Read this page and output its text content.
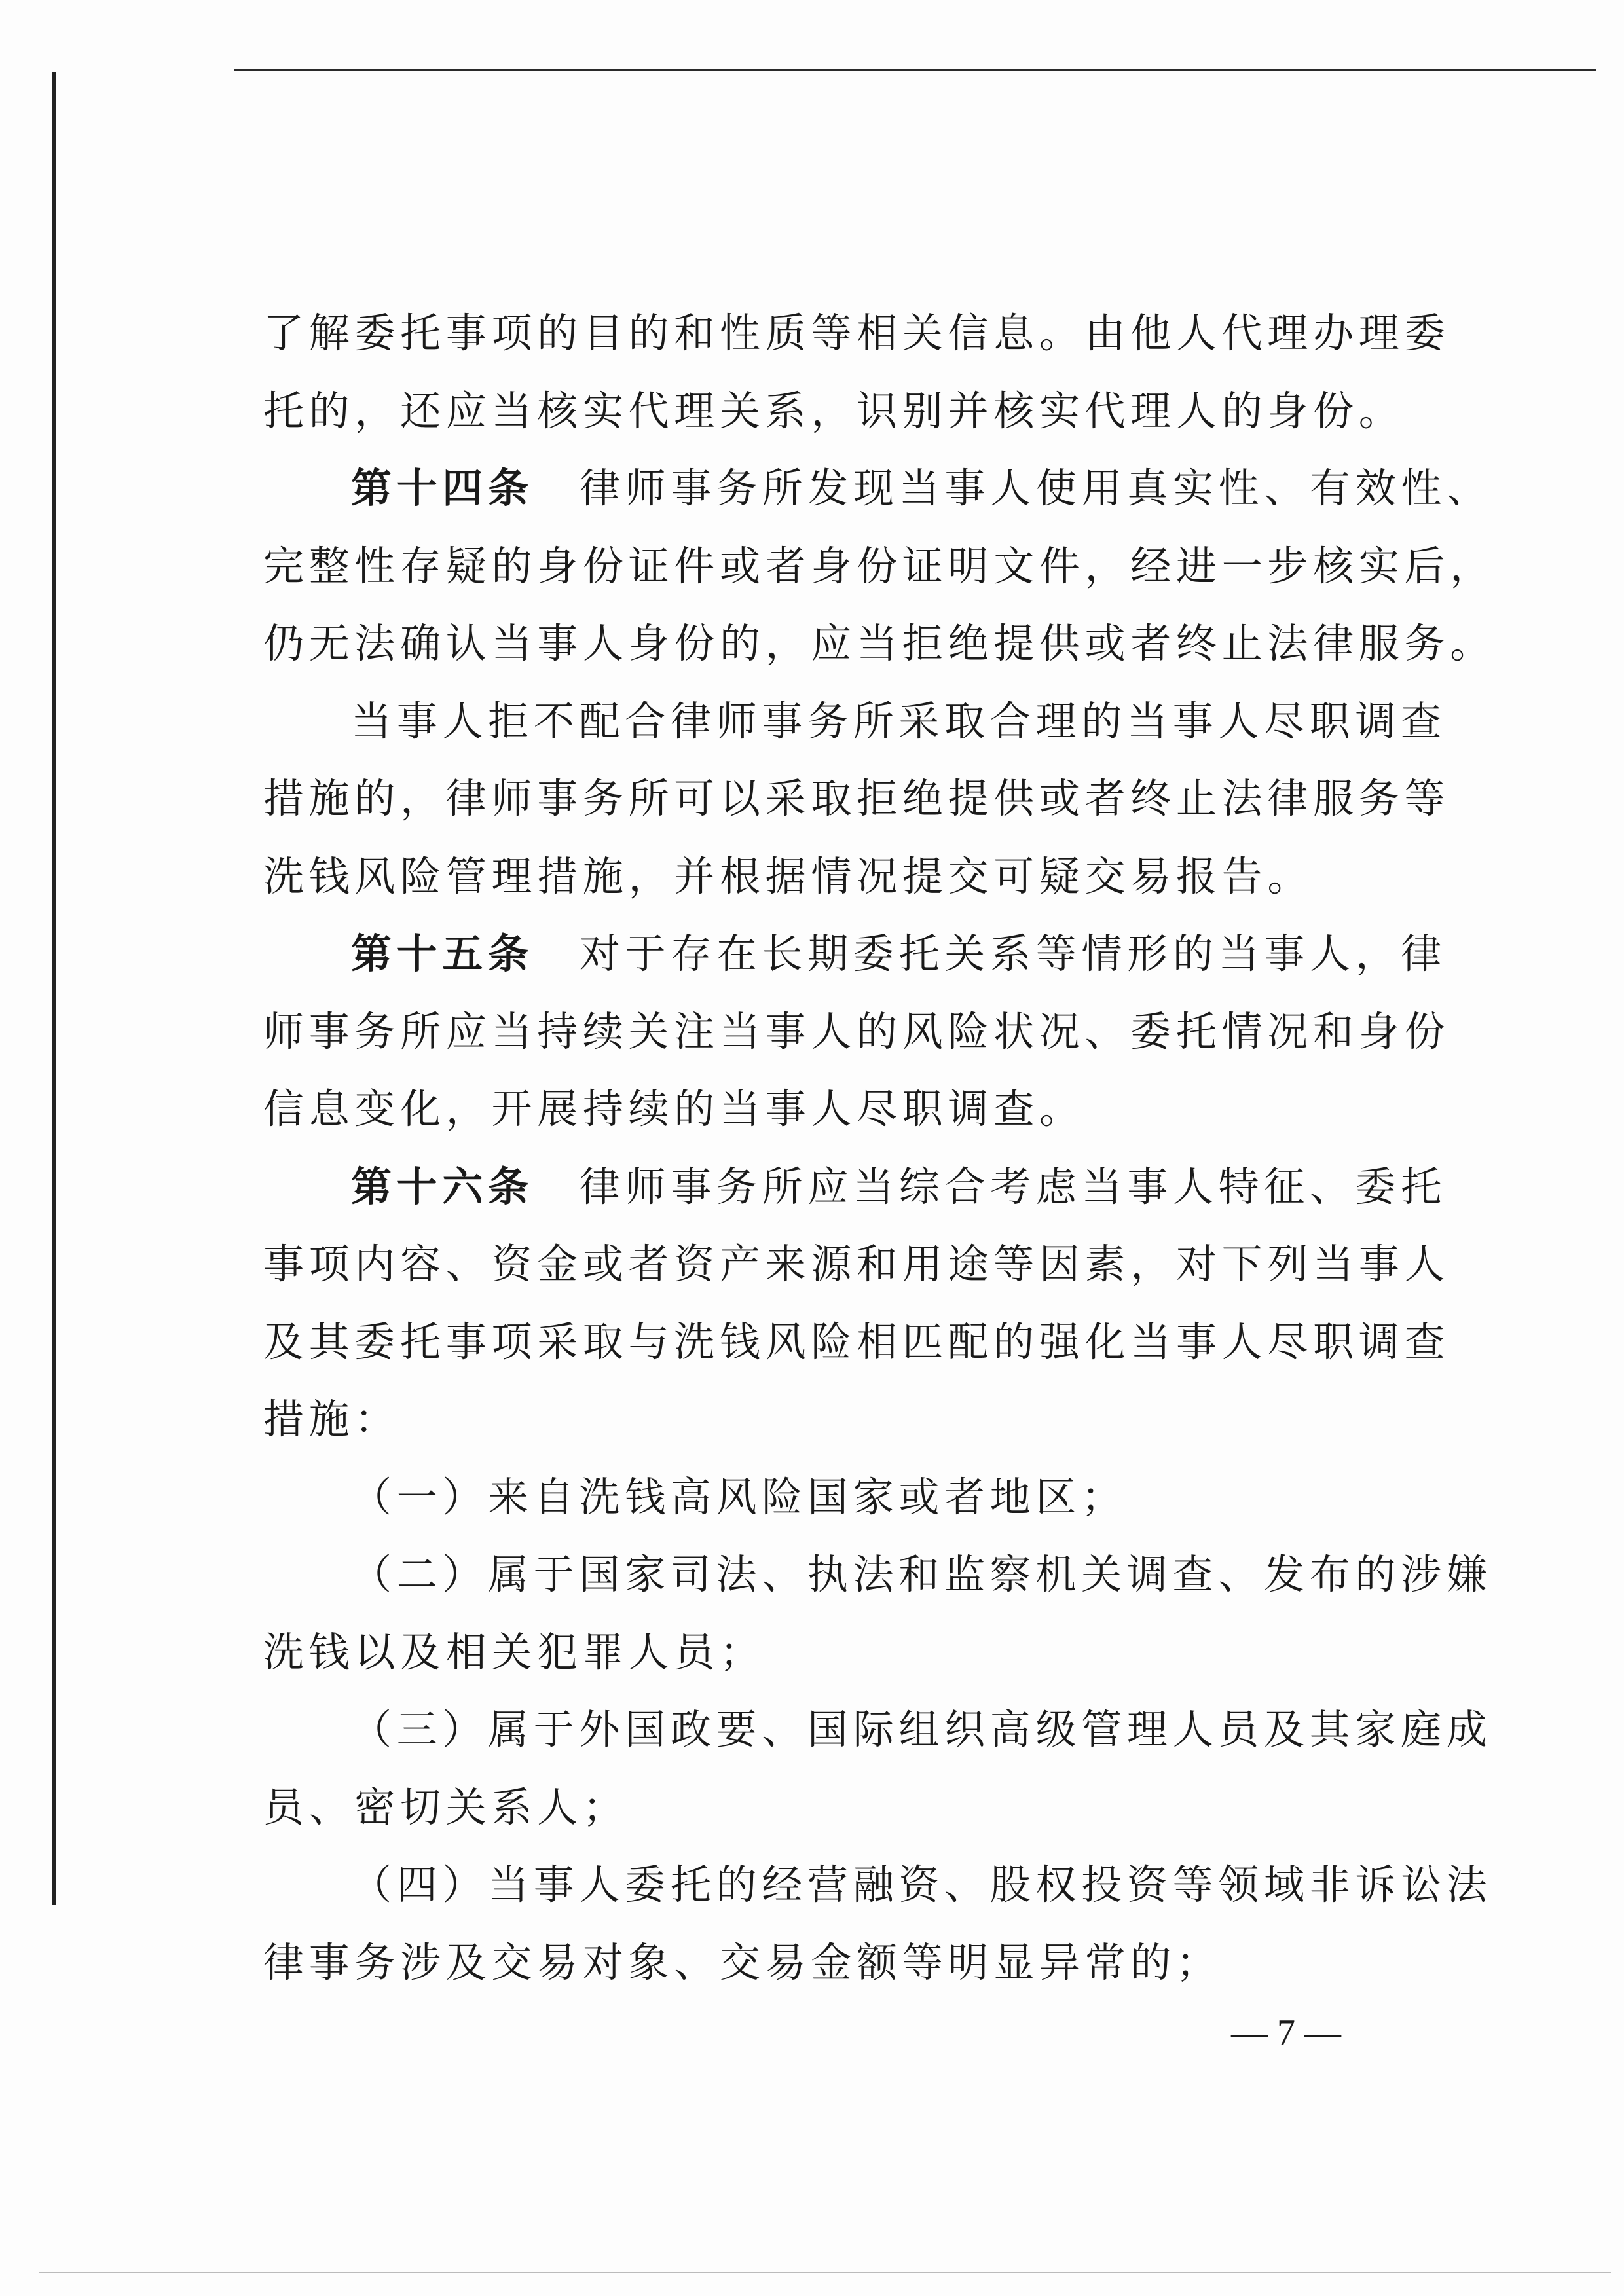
了解委托事项的目的和性质等相关信息。由他人代理办理委
托的，还应当核实代理关系，识别并核实代理人的身份。
第十四条 律师事务所发现当事人使用真实性、有效性、
完整性存疑的身份证件或者身份证明文件，经进一步核实后，
仍无法确认当事人身份的，应当拒绝提供或者终止法律服务。
当事人拒不配合律师事务所采取合理的当事人尽职调查
措施的，律师事务所可以采取拒绝提供或者终止法律服务等
洗钱风险管理措施，并根据情况提交可疑交易报告。
第十五条 对于存在长期委托关系等情形的当事人，律
师事务所应当持续关注当事人的风险状况、委托情况和身份
信息变化，开展持续的当事人尽职调查。
第十六条 律师事务所应当综合考虑当事人特征、委托
事项内容、资金或者资产来源和用途等因素，对下列当事人
及其委托事项采取与洗钱风险相匹配的强化当事人尽职调查
措施：
（一）来自洗钱高风险国家或者地区；
（二）属于国家司法、执法和监察机关调查、发布的涉嫌
洗钱以及相关犯罪人员；
（三）属于外国政要、国际组织高级管理人员及其家庭成
员、密切关系人；
（四）当事人委托的经营融资、股权投资等领域非诉讼法
律事务涉及交易对象、交易金额等明显异常的；
— 7 —
